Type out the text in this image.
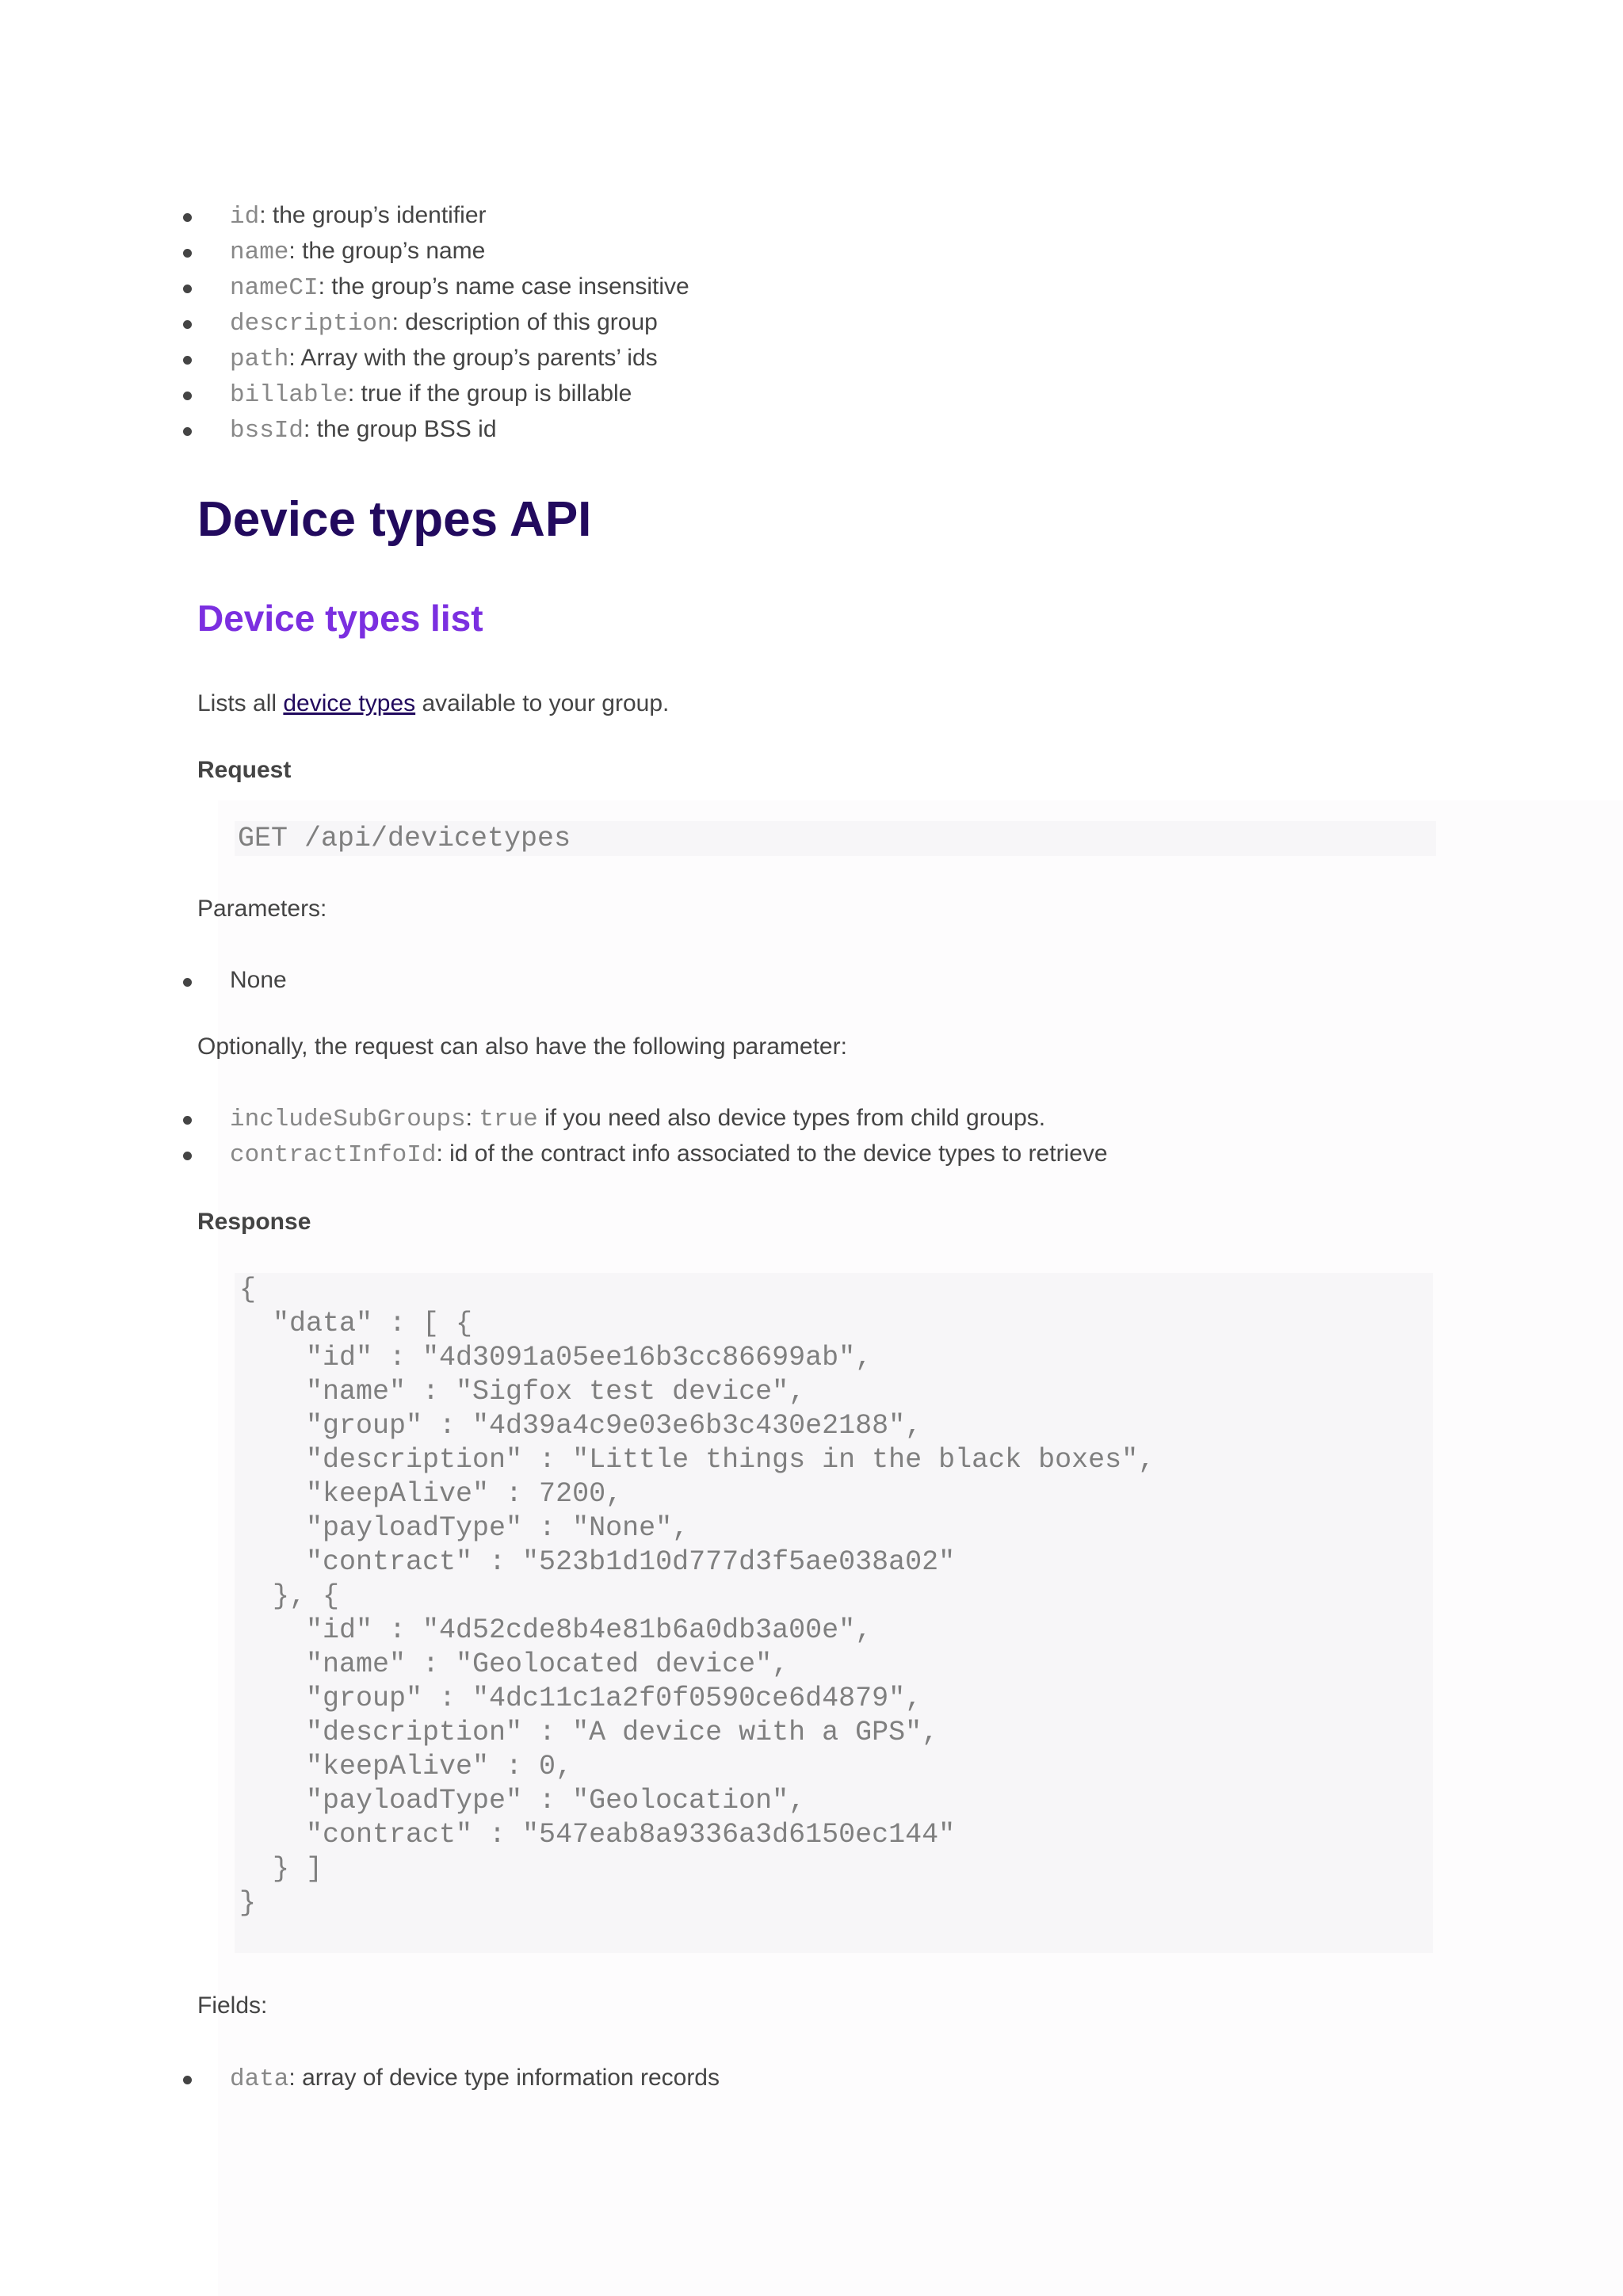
id: the group’s identifier
name: the group’s name
nameCI: the group’s name case insensitive
description: description of this group
path: Array with the group’s parents’ ids
billable: true if the group is billable
bssId: the group BSS id
Device types API
Device types list
Lists all device types available to your group.
Request
GET /api/devicetypes
Parameters:
None
Optionally, the request can also have the following parameter:
includeSubGroups: true if you need also device types from child groups.
contractInfoId: id of the contract info associated to the device types to retrieve
Response
{
"data" : [ {
"id" : "4d3091a05ee16b3cc86699ab",
"name" : "Sigfox test device",
"group" : "4d39a4c9e03e6b3c430e2188",
"description" : "Little things in the black boxes",
"keepAlive" : 7200,
"payloadType" : "None",
"contract" : "523b1d10d777d3f5ae038a02"
}, {
"id" : "4d52cde8b4e81b6a0db3a00e",
"name" : "Geolocated device",
"group" : "4dc11c1a2f0f0590ce6d4879",
"description" : "A device with a GPS",
"keepAlive" : 0,
"payloadType" : "Geolocation",
"contract" : "547eab8a9336a3d6150ec144"
} ]
}
Fields:
data: array of device type information records
